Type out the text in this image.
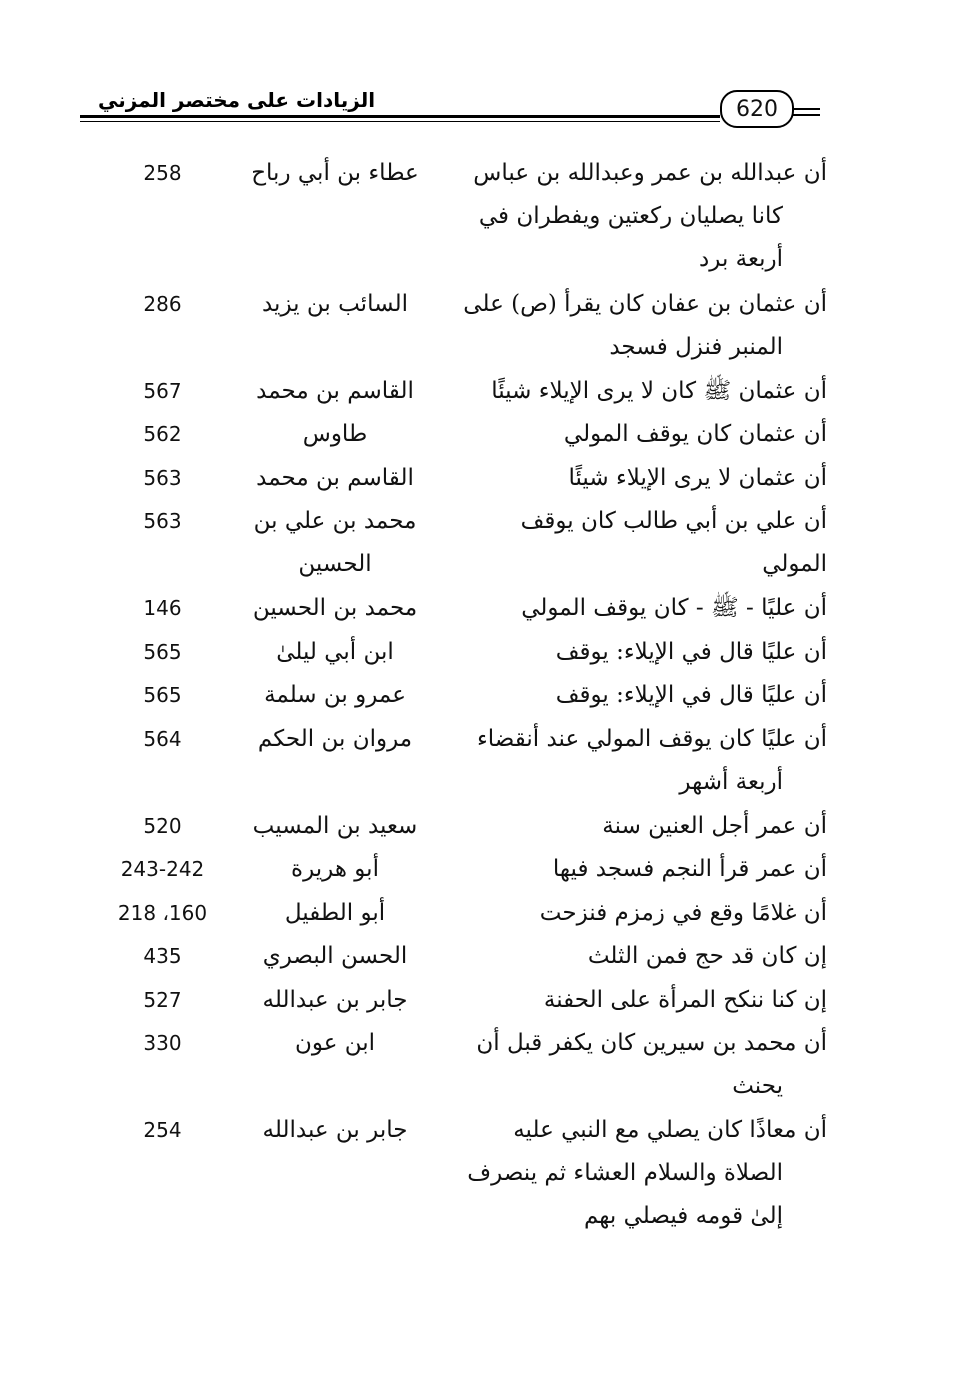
الزيادات على مختصر المزني	620
أن عبدالله بن عمر وعبدالله بن عباس
كانا يصليان ركعتين ويفطران في
أربعة برد
عطاء بن أبي رباح
258
أن عثمان بن عفان كان يقرأ (ص) على
المنبر فنزل فسجد
السائب بن يزيد
286
أن عثمان ﷺ كان لا يرى الإيلاء شيئًا
القاسم بن محمد
567
أن عثمان كان يوقف المولي
طاوس
562
أن عثمان لا يرى الإيلاء شيئًا
القاسم بن محمد
563
أن علي بن أبي طالب كان يوقف المولي
محمد بن علي بن
الحسين
563
أن عليًا - ﷺ - كان يوقف المولي
محمد بن الحسين
146
أن عليًا قال في الإيلاء: يوقف
ابن أبي ليلىٰ
565
أن عليًا قال في الإيلاء: يوقف
عمرو بن سلمة
565
أن عليًا كان يوقف المولي عند أنقضاء
أربعة أشهر
مروان بن الحكم
564
أن عمر أجل العنين سنة
سعيد بن المسيب
520
أن عمر قرأ النجم فسجد فيها
أبو هريرة
243-242
أن غلامًا وقع في زمزم فنزحت
أبو الطفيل
218 ،160
إن كان قد حج فمن الثلث
الحسن البصري
435
إن كنا ننكح المرأة على الحفنة
جابر بن عبدالله
527
أن محمد بن سيرين كان يكفر قبل أن
يحنث
ابن عون
330
أن معاذًا كان يصلي مع النبي عليه
الصلاة والسلام العشاء ثم ينصرف
إلىٰ قومه فيصلي بهم
جابر بن عبدالله
254
